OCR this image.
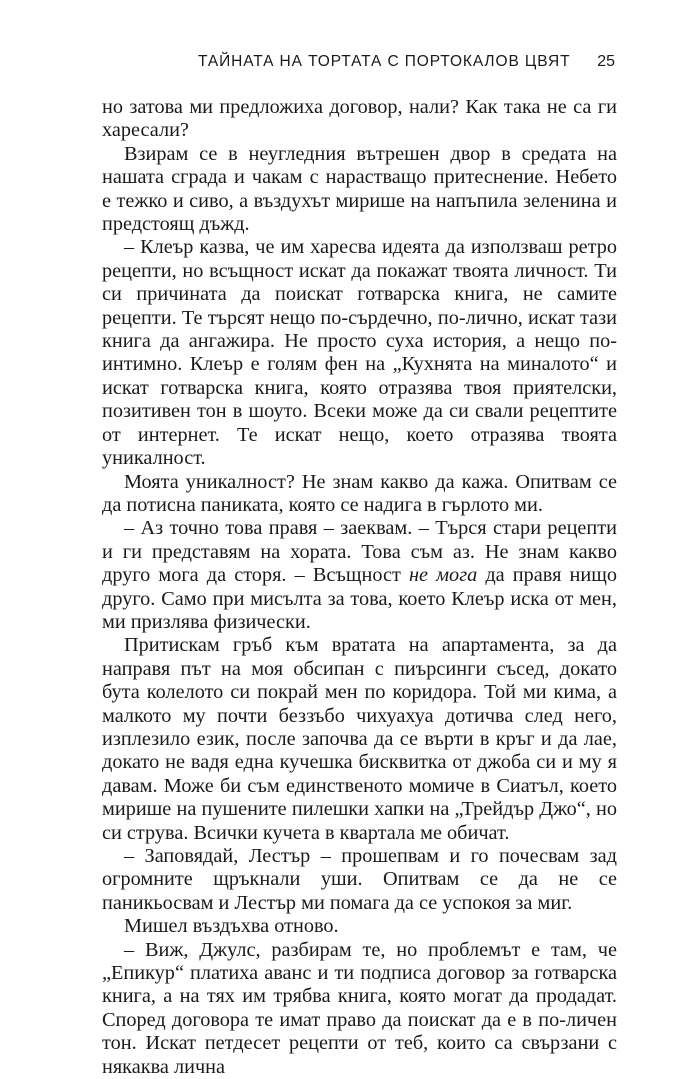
ТАЙНАТА НА ТОРТАТА С ПОРТОКАЛОВ ЦВЯТ 25

но затова ми предложиха договор, нали? Как така не са ги харесали?

Взирам се в неугледния вътрешен двор в средата на нашата сграда и чакам с нарастващо притеснение. Небето е тежко и сиво, а въздухът мирише на напъпила зеленина и предстоящ дъжд.

– Клеър казва, че им харесва идеята да използваш ретро рецепти, но всъщност искат да покажат твоята личност. Ти си причината да поискат готварска книга, не самите рецепти. Те търсят нещо по-сърдечно, по-лично, искат тази книга да ангажира. Не просто суха история, а нещо по-интимно. Клеър е голям фен на „Кухнята на миналото“ и искат готварска книга, която отразява твоя приятелски, позитивен тон в шоуто. Всеки може да си свали рецептите от интернет. Те искат нещо, което отразява твоята уникалност.

Моята уникалност? Не знам какво да кажа. Опитвам се да потисна паниката, която се надига в гърлото ми.

– Аз точно това правя – заеквам. – Търся стари рецепти и ги представям на хората. Това съм аз. Не знам какво друго мога да сторя. – Всъщност не мога да правя нищо друго. Само при мисълта за това, което Клеър иска от мен, ми призлява физически.

Притискам гръб към вратата на апартамента, за да направя път на моя обсипан с пиърсинги съсед, докато бута колелото си покрай мен по коридора. Той ми кима, а малкото му почти беззъбо чихуахуа дотичва след него, изплезило език, после започва да се върти в кръг и да лае, докато не вадя една кучешка бисквитка от джоба си и му я давам. Може би съм единственото момиче в Сиатъл, което мирише на пушените пилешки хапки на „Трейдър Джо“, но си струва. Всички кучета в квартала ме обичат.

– Заповядай, Лестър – прошепвам и го почесвам зад огромните щръкнали уши. Опитвам се да не се паникьосвам и Лестър ми помага да се успокоя за миг.

Мишел въздъхва отново.

– Виж, Джулс, разбирам те, но проблемът е там, че „Епикур“ платиха аванс и ти подписа договор за готварска книга, а на тях им трябва книга, която могат да продадат. Според договора те имат право да поискат да е в по-личен тон. Искат петдесет рецепти от теб, които са свързани с някаква лична
